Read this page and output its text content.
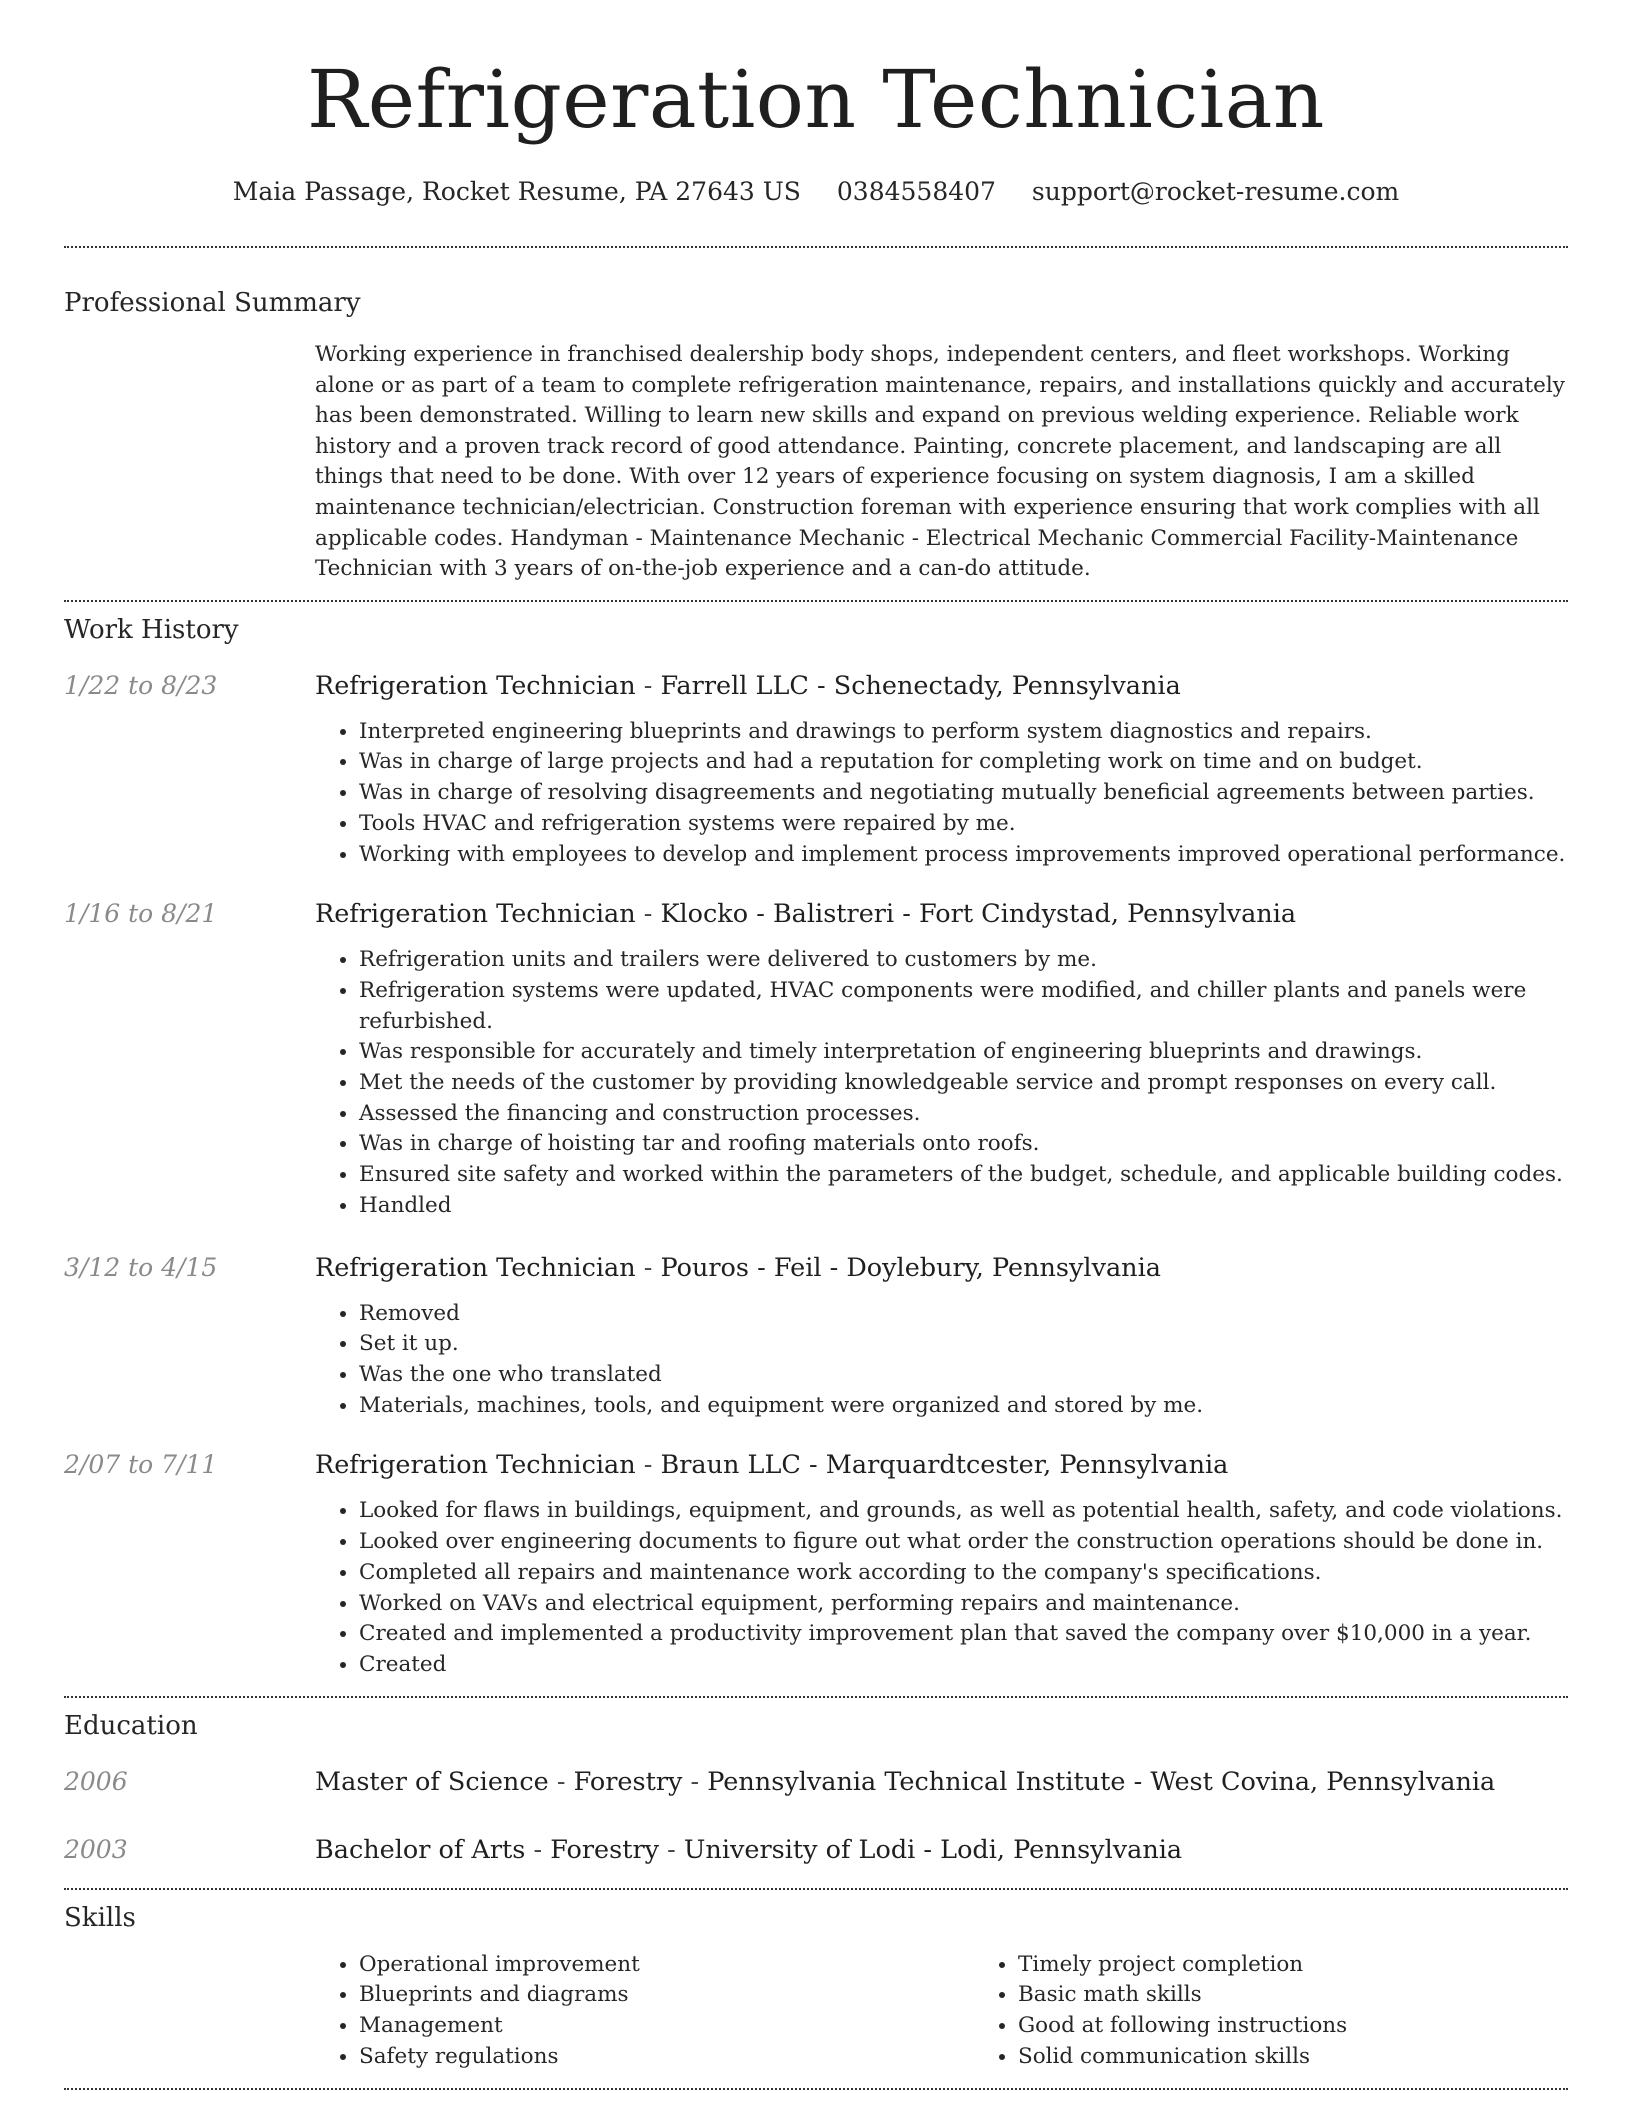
Refrigeration Technician
Maia Passage, Rocket Resume, PA 27643 US 0384558407 support@rocket-resume.com
Professional Summary

Working experience in franchised dealership body shops, independent centers, and fleet workshops. Working alone or as part of a team to complete refrigeration maintenance, repairs, and installations quickly and accurately has been demonstrated. Willing to learn new skills and expand on previous welding experience. Reliable work history and a proven track record of good attendance. Painting, concrete placement, and landscaping are all things that need to be done. With over 12 years of experience focusing on system diagnosis, I am a skilled maintenance technician/electrician. Construction foreman with experience ensuring that work complies with all applicable codes. Handyman - Maintenance Mechanic - Electrical Mechanic Commercial Facility-Maintenance Technician with 3 years of on-the-job experience and a can-do attitude.

Work History
1/22 to 8/23	Refrigeration Technician - Farrell LLC - Schenectady, Pennsylvania
• Interpreted engineering blueprints and drawings to perform system diagnostics and repairs.
• Was in charge of large projects and had a reputation for completing work on time and on budget.
• Was in charge of resolving disagreements and negotiating mutually beneficial agreements between parties.
• Tools HVAC and refrigeration systems were repaired by me.
• Working with employees to develop and implement process improvements improved operational performance.
1/16 to 8/21	Refrigeration Technician - Klocko - Balistreri - Fort Cindystad, Pennsylvania
• Refrigeration units and trailers were delivered to customers by me.
• Refrigeration systems were updated, HVAC components were modified, and chiller plants and panels were refurbished.
• Was responsible for accurately and timely interpretation of engineering blueprints and drawings.
• Met the needs of the customer by providing knowledgeable service and prompt responses on every call.
• Assessed the financing and construction processes.
• Was in charge of hoisting tar and roofing materials onto roofs.
• Ensured site safety and worked within the parameters of the budget, schedule, and applicable building codes.
• Handled
3/12 to 4/15	Refrigeration Technician - Pouros - Feil - Doylebury, Pennsylvania
• Removed
• Set it up.
• Was the one who translated
• Materials, machines, tools, and equipment were organized and stored by me.
2/07 to 7/11	Refrigeration Technician - Braun LLC - Marquardtcester, Pennsylvania
• Looked for flaws in buildings, equipment, and grounds, as well as potential health, safety, and code violations.
• Looked over engineering documents to figure out what order the construction operations should be done in.
• Completed all repairs and maintenance work according to the company's specifications.
• Worked on VAVs and electrical equipment, performing repairs and maintenance.
• Created and implemented a productivity improvement plan that saved the company over $10,000 in a year.
• Created
Education
2006	Master of Science - Forestry - Pennsylvania Technical Institute - West Covina, Pennsylvania
2003	Bachelor of Arts - Forestry - University of Lodi - Lodi, Pennsylvania
Skills
• Operational improvement
• Blueprints and diagrams
• Management
• Safety regulations
• Timely project completion
• Basic math skills
• Good at following instructions
• Solid communication skills
